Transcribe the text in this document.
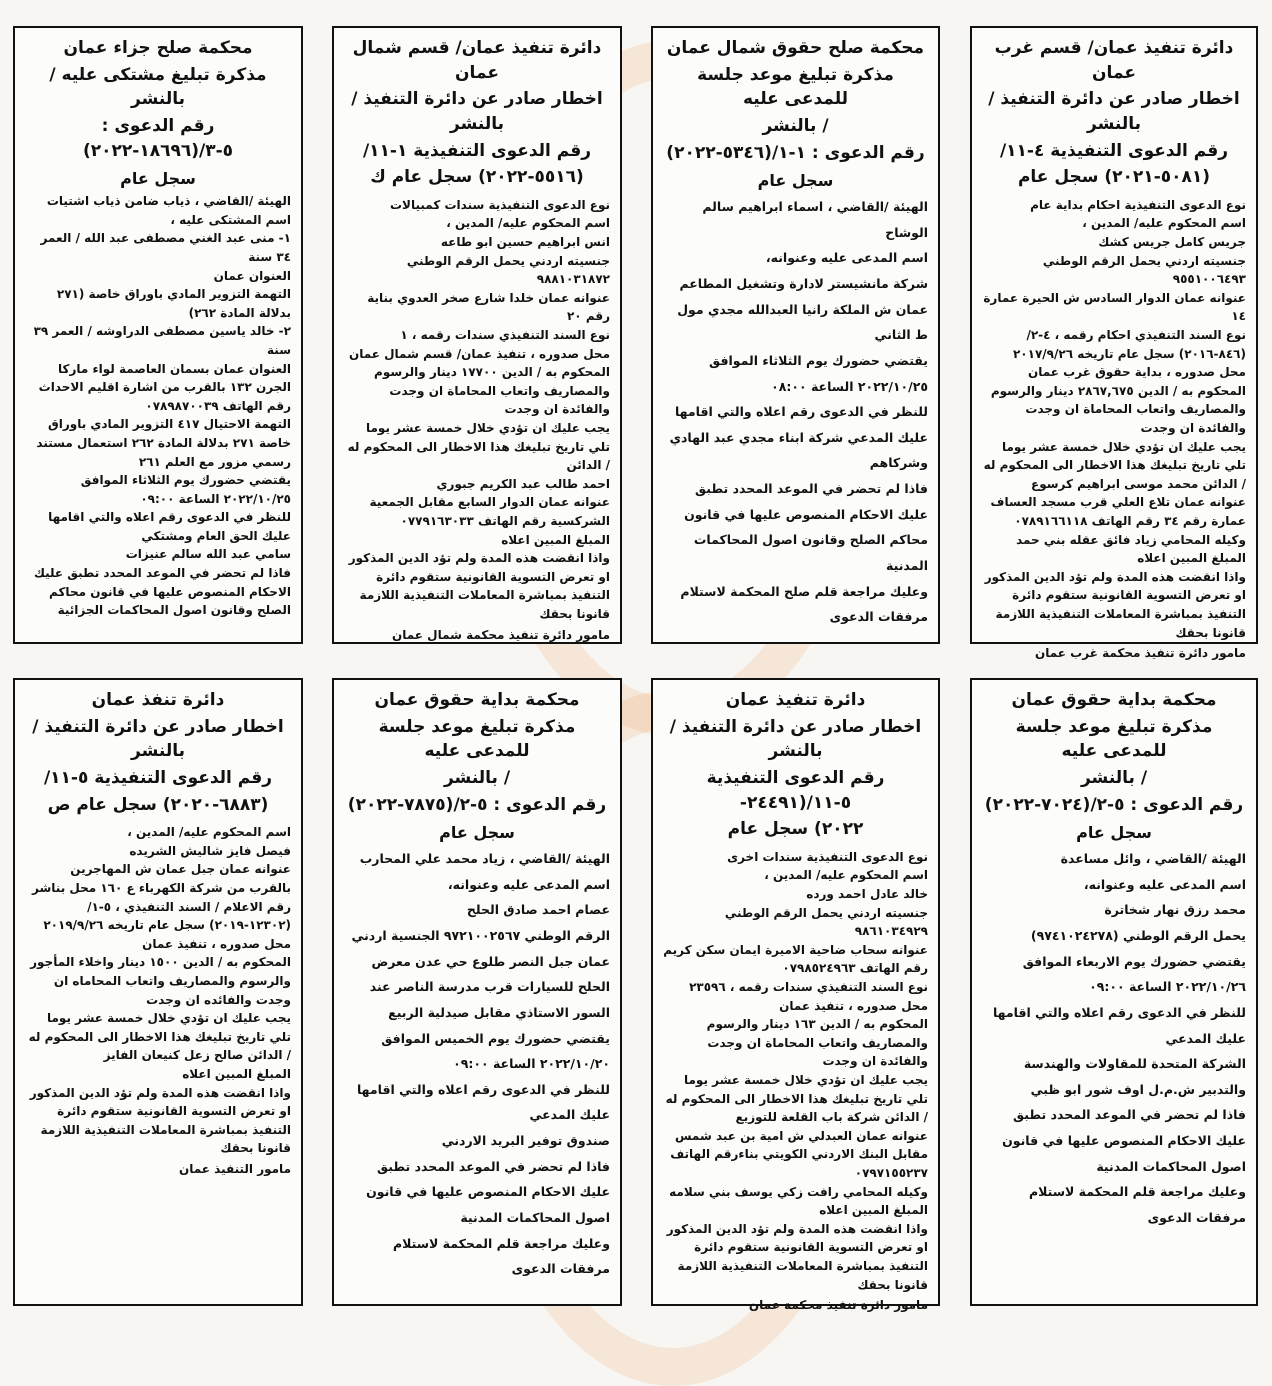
دائرة تنفيذ عمان/ قسم غرب عمان
اخطار صادر عن دائرة التنفيذ / بالنشر
رقم الدعوى التنفيذية ٤-١١/
(٥٠٨١-٢٠٢١) سجل عام

نوع الدعوى التنفيذية احكام بداية عام

اسم المحكوم عليه/ المدين ،

جريس كامل جريس كشك

جنسيته اردني يحمل الرقم الوطني ٩٥٥١٠٠٦٤٩٣

عنوانه عمان الدوار السادس ش الحيرة عمارة ١٤

نوع السند التنفيذي احكام رقمه ، ٤-٢/ (٨٤٦-٢٠١٦) سجل عام تاريخه ٢٠١٧/٩/٢٦

محل صدوره ، بداية حقوق غرب عمان

المحكوم به / الدين ٢٨٦٧,٦٧٥ دينار والرسوم والمصاريف واتعاب المحاماة ان وجدت والفائدة ان وجدت

يجب عليك ان تؤدي خلال خمسة عشر يوما تلي تاريخ تبليغك هذا الاخطار الى المحكوم له / الدائن محمد موسى ابراهيم كرسوع

عنوانه عمان تلاع العلي قرب مسجد العساف عمارة رقم ٣٤ رقم الهاتف ٠٧٨٩١٦٦١١٨

وكيله المحامي زياد فائق عقله بني حمد

المبلغ المبين اعلاه

واذا انقضت هذه المدة ولم تؤد الدين المذكور او تعرض التسوية القانونية ستقوم دائرة التنفيذ بمباشرة المعاملات التنفيذية اللازمة قانونا بحقك

مامور دائرة تنفيذ محكمة غرب عمان
محكمة صلح حقوق شمال عمان
مذكرة تبليغ موعد جلسة للمدعى عليه
/ بالنشر
رقم الدعوى : ١-١/(٥٣٤٦-٢٠٢٢)
سجل عام

الهيئة /القاضي ، اسماء ابراهيم سالم الوشاح

اسم المدعى عليه وعنوانه،

شركة مانشيستر لادارة وتشغيل المطاعم

عمان ش الملكة رانيا العبدالله مجدي مول ط الثاني

يقتضي حضورك يوم الثلاثاء الموافق ٢٠٢٢/١٠/٢٥ الساعة ٠٨:٠٠

للنظر في الدعوى رقم اعلاه والتي اقامها عليك المدعي شركة ابناء مجدي عبد الهادي وشركاهم

فاذا لم تحضر في الموعد المحدد تطبق عليك الاحكام المنصوص عليها في قانون محاكم الصلح وقانون اصول المحاكمات المدنية

وعليك مراجعة قلم صلح المحكمة لاستلام مرفقات الدعوى

دائرة تنفيذ عمان/ قسم شمال عمان
اخطار صادر عن دائرة التنفيذ / بالنشر
رقم الدعوى التنفيذية ١-١١/
(٥٥١٦-٢٠٢٢) سجل عام ك

نوع الدعوى التنفيذية سندات كمبيالات

اسم المحكوم عليه/ المدين ،

انس ابراهيم حسين ابو طاعه

جنسيته اردني يحمل الرقم الوطني ٩٨٨١٠٣١٨٧٢

عنوانه عمان خلدا شارع صخر العدوي بناية رقم ٢٠

نوع السند التنفيذي سندات رقمه ، ١

محل صدوره ، تنفيذ عمان/ قسم شمال عمان

المحكوم به / الدين ١٧٧٠٠ دينار والرسوم والمصاريف واتعاب المحاماة ان وجدت والفائدة ان وجدت

يجب عليك ان تؤدي خلال خمسة عشر يوما تلي تاريخ تبليغك هذا الاخطار الى المحكوم له / الدائن

احمد طالب عبد الكريم جبوري

عنوانه عمان الدوار السابع مقابل الجمعية الشركسية رقم الهاتف ٠٧٧٩١٦٣٠٣٣

المبلغ المبين اعلاه

واذا انقضت هذه المدة ولم تؤد الدين المذكور او تعرض التسوية القانونية ستقوم دائرة التنفيذ بمباشرة المعاملات التنفيذية اللازمة قانونا بحقك

مامور دائرة تنفيذ محكمة شمال عمان
محكمة صلح جزاء عمان
مذكرة تبليغ مشتكى عليه / بالنشر
رقم الدعوى : ٥-٣/(١٨٦٩٦-٢٠٢٢)
سجل عام

الهيئة /القاضي ، ذياب ضامن ذياب اشتيات

اسم المشتكى عليه ،

١- منى عبد الغني مصطفى عبد الله / العمر ٣٤ سنة

العنوان عمان

التهمة التزوير المادي باوراق خاصة (٢٧١ بدلالة المادة ٢٦٢)

٢- خالد ياسين مصطفى الدراوشه / العمر ٣٩ سنة

العنوان عمان بسمان العاصمة لواء ماركا الجرن ١٣٢ بالقرب من اشارة اقليم الاحداث رقم الهاتف ٠٧٨٩٨٧٠٠٣٩

التهمة الاحتيال ٤١٧ التزوير المادي باوراق خاصة ٢٧١ بدلالة المادة ٢٦٢ استعمال مستند رسمي مزور مع العلم ٢٦١

يقتضي حضورك يوم الثلاثاء الموافق ٢٠٢٢/١٠/٢٥ الساعة ٠٩:٠٠

للنظر في الدعوى رقم اعلاه والتي اقامها عليك الحق العام ومشتكي

سامي عبد الله سالم عنيزات

فاذا لم تحضر في الموعد المحدد تطبق عليك الاحكام المنصوص عليها في قانون محاكم الصلح وقانون اصول المحاكمات الجزائية

محكمة بداية حقوق عمان
مذكرة تبليغ موعد جلسة للمدعى عليه
/ بالنشر
رقم الدعوى : ٥-٢/(٧٠٢٤-٢٠٢٢)
سجل عام

الهيئة /القاضي ، وائل مساعدة

اسم المدعى عليه وعنوانه،

محمد رزق نهار شخاترة

يحمل الرقم الوطني (٩٧٤١٠٢٤٢٧٨)

يقتضي حضورك يوم الاربعاء الموافق ٢٠٢٢/١٠/٢٦ الساعة ٠٩:٠٠

للنظر في الدعوى رقم اعلاه والتي اقامها عليك المدعي

الشركة المتحدة للمقاولات والهندسة والتدبير ش.م.ل اوف شور ابو ظبي

فاذا لم تحضر في الموعد المحدد تطبق عليك الاحكام المنصوص عليها في قانون اصول المحاكمات المدنية

وعليك مراجعة قلم المحكمة لاستلام مرفقات الدعوى

دائرة تنفيذ عمان
اخطار صادر عن دائرة التنفيذ / بالنشر
رقم الدعوى التنفيذية ٥-١١/(٢٤٤٩١-
٢٠٢٢) سجل عام

نوع الدعوى التنفيذية سندات اخرى

اسم المحكوم عليه/ المدين ،

خالد عادل احمد ورده

جنسيته اردني يحمل الرقم الوطني ٩٨٦١٠٣٤٩٢٩

عنوانه سحاب ضاحية الاميرة ايمان سكن كريم رقم الهاتف ٠٧٩٨٥٢٤٩٦٣

نوع السند التنفيذي سندات رقمه ، ٢٣٥٩٦

محل صدوره ، تنفيذ عمان

المحكوم به / الدين ١٦٣ دينار والرسوم والمصاريف واتعاب المحاماة ان وجدت والفائدة ان وجدت

يجب عليك ان تؤدي خلال خمسة عشر يوما تلي تاريخ تبليغك هذا الاخطار الى المحكوم له / الدائن شركة باب القلعة للتوزيع

عنوانه عمان العبدلي ش امية بن عبد شمس مقابل البنك الاردني الكويتي بناءرقم الهاتف ٠٧٩٧١٥٥٢٣٧

وكيله المحامي رافت زكي يوسف بني سلامه

المبلغ المبين اعلاه

واذا انقضت هذه المدة ولم تؤد الدين المذكور او تعرض التسوية القانونية ستقوم دائرة التنفيذ بمباشرة المعاملات التنفيذية اللازمة قانونا بحقك

مامور دائرة تنفيذ محكمة عمان
محكمة بداية حقوق عمان
مذكرة تبليغ موعد جلسة للمدعى عليه
/ بالنشر
رقم الدعوى : ٥-٢/(٧٨٧٥-٢٠٢٢)
سجل عام

الهيئة /القاضي ، زياد محمد علي المحارب

اسم المدعى عليه وعنوانه،

عصام احمد صادق الحلح

الرقم الوطني ٩٧٢١٠٠٢٥٦٧ الجنسية اردني

عمان جبل النصر طلوع حي عدن معرض الحلح للسيارات قرب مدرسة الناصر عند السور الاستاذي مقابل صيدلية الربيع

يقتضي حضورك يوم الخميس الموافق ٢٠٢٢/١٠/٢٠ الساعة ٠٩:٠٠

للنظر في الدعوى رقم اعلاه والتي اقامها عليك المدعي

صندوق توفير البريد الاردني

فاذا لم تحضر في الموعد المحدد تطبق عليك الاحكام المنصوص عليها في قانون اصول المحاكمات المدنية

وعليك مراجعة قلم المحكمة لاستلام مرفقات الدعوى

دائرة تنفذ عمان
اخطار صادر عن دائرة التنفيذ / بالنشر
رقم الدعوى التنفيذية ٥-١١/
(٦٨٨٣-٢٠٢٠) سجل عام ص

اسم المحكوم عليه/ المدين ،

فيصل فايز شاليش الشريده

عنوانه عمان جبل عمان ش المهاجرين بالقرب من شركة الكهرباء ع ١٦٠ محل بناشر

رقم الاعلام / السند التنفيذي ، ٥-١/ (١٢٣٠٢-٢٠١٩) سجل عام تاريخه ٢٠١٩/٩/٢٦

محل صدوره ، تنفيذ عمان

المحكوم به / الدين ١٥٠٠ دينار واخلاء المأجور والرسوم والمصاريف واتعاب المحاماه ان وجدت والفائده ان وجدت

يجب عليك ان تؤدي خلال خمسة عشر يوما تلي تاريخ تبليغك هذا الاخطار الى المحكوم له / الدائن صالح زعل كنيعان الفايز

المبلغ المبين اعلاه

واذا انقضت هذه المدة ولم تؤد الدين المذكور او تعرض التسوية القانونية ستقوم دائرة التنفيذ بمباشرة المعاملات التنفيذية اللازمة قانونا بحقك

مامور التنفيذ عمان
